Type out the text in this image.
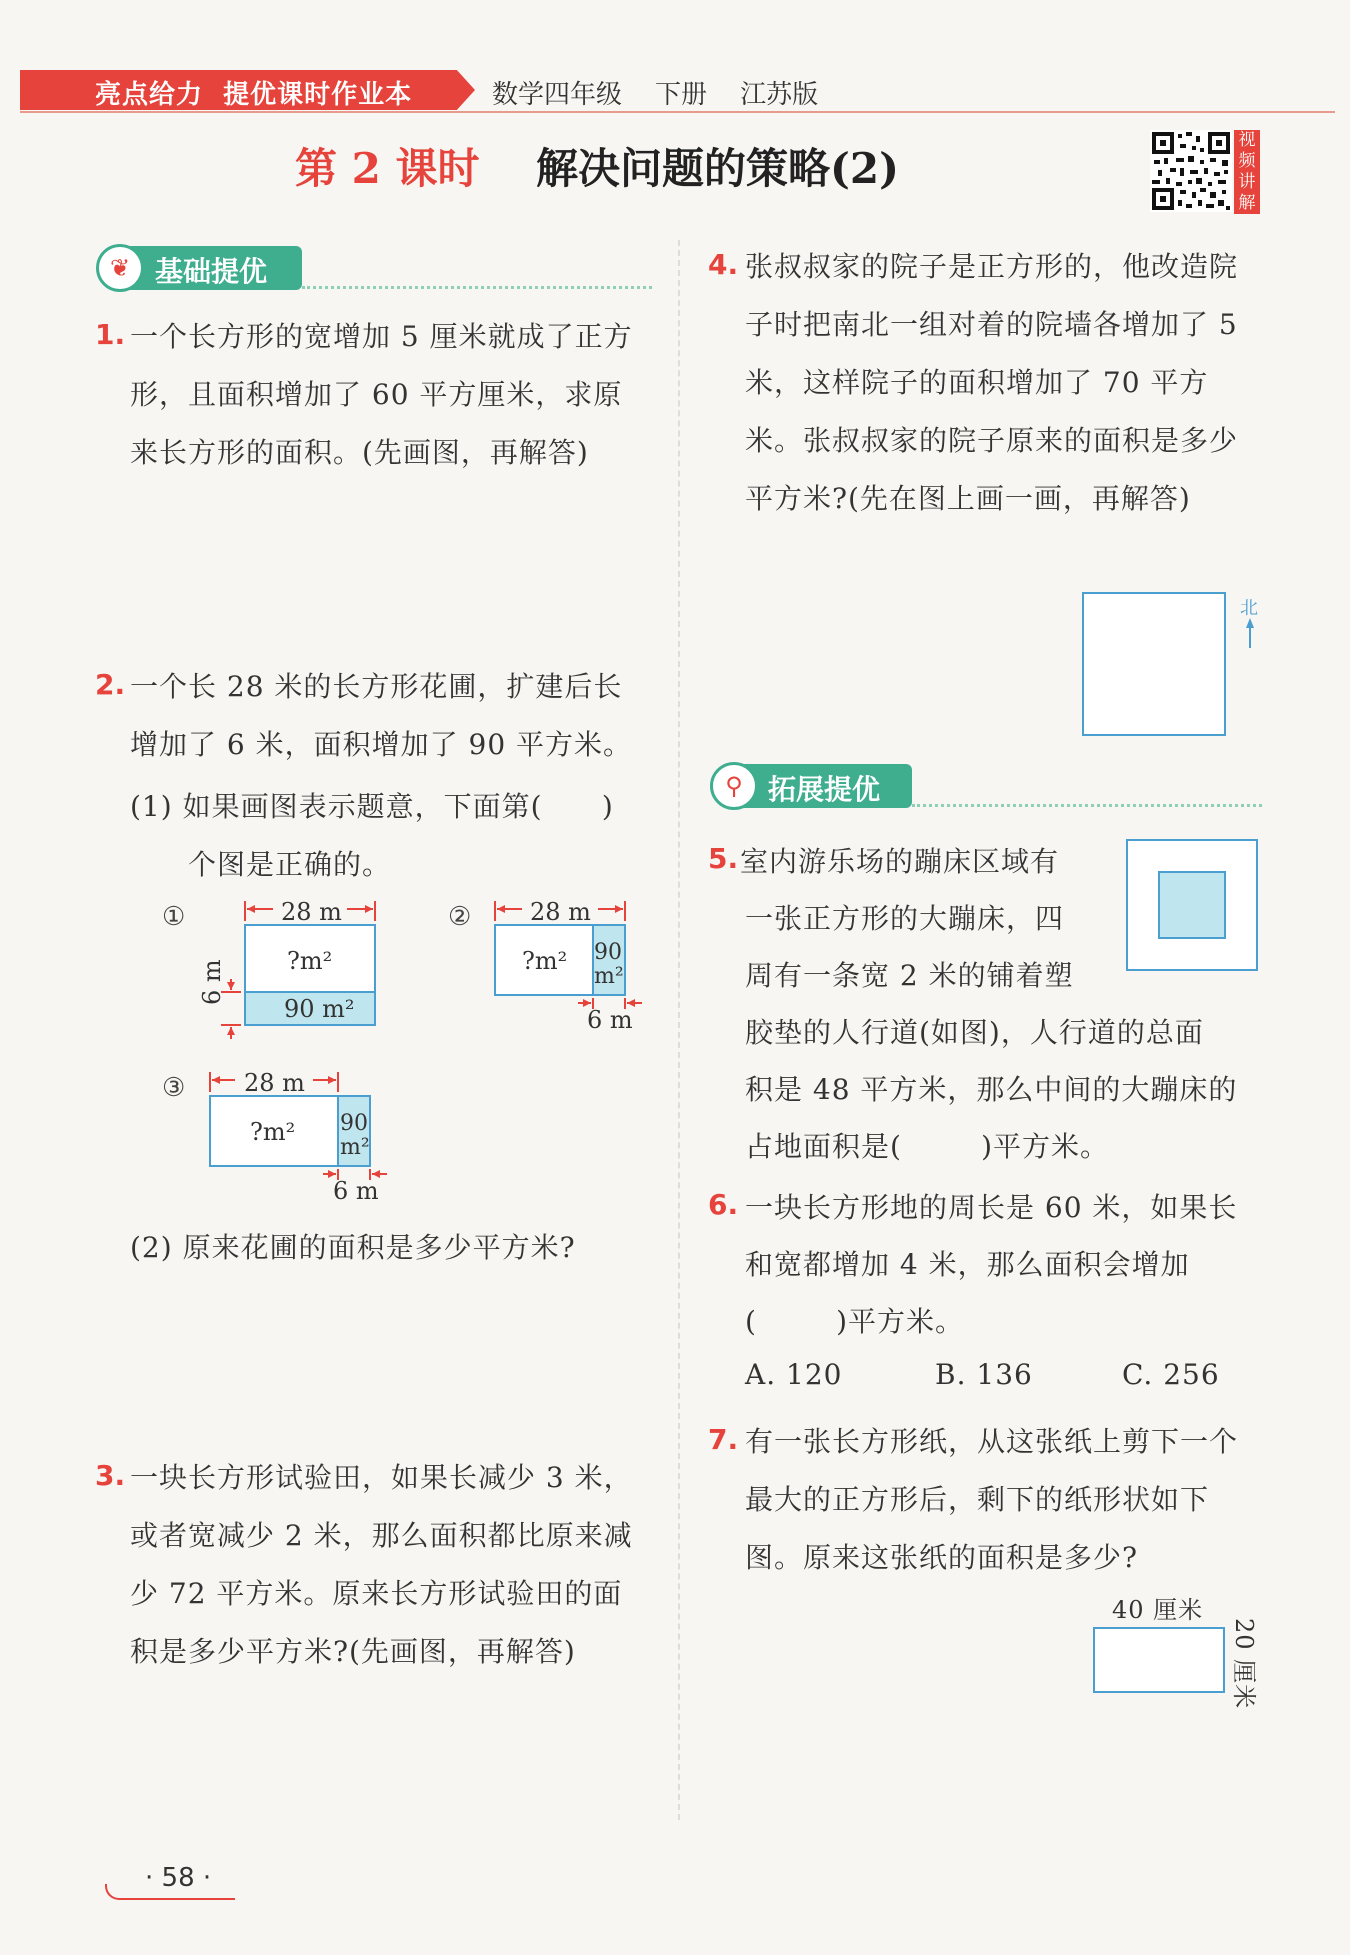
亮点给力  提优课时作业本	数学四年级    下册    江苏版
第 2 课时 解决问题的策略(2)
视
频
讲
解
❦ 基础提优
1. 一个长方形的宽增加 5 厘米就成了正方形，且面积增加了 60 平方厘米，求原来长方形的面积。(先画图，再解答)
2. 一个长 28 米的长方形花圃，扩建后长增加了 6 米，面积增加了 90 平方米。
(1) 如果画图表示题意，下面第(      )
个图是正确的。
①	28 m
?m²
90 m²
6 m
② 28 m
?m² 90
m²
6 m
③ 28 m
?m² 90
m²
6 m
(2) 原来花圃的面积是多少平方米?
3. 一块长方形试验田，如果长减少 3 米，或者宽减少 2 米，那么面积都比原来减少 72 平方米。原来长方形试验田的面积是多少平方米?(先画图，再解答)
4. 张叔叔家的院子是正方形的，他改造院子时把南北一组对着的院墙各增加了 5 米，这样院子的面积增加了 70 平方米。张叔叔家的院子原来的面积是多少平方米?(先在图上画一画，再解答)
北
⚲ 拓展提优
5. 室内游乐场的蹦床区域有
一张正方形的大蹦床，四
周有一条宽 2 米的铺着塑
胶垫的人行道(如图)，人行道的总面
积是 48 平方米，那么中间的大蹦床的
占地面积是(        )平方米。
6. 一块长方形地的周长是 60 米，如果长
和宽都增加 4 米，那么面积会增加
(        )平方米。
A. 120	B. 136	C. 256
7. 有一张长方形纸，从这张纸上剪下一个最大的正方形后，剩下的纸形状如下图。原来这张纸的面积是多少?
40 厘米
20 厘米
· 58 ·
